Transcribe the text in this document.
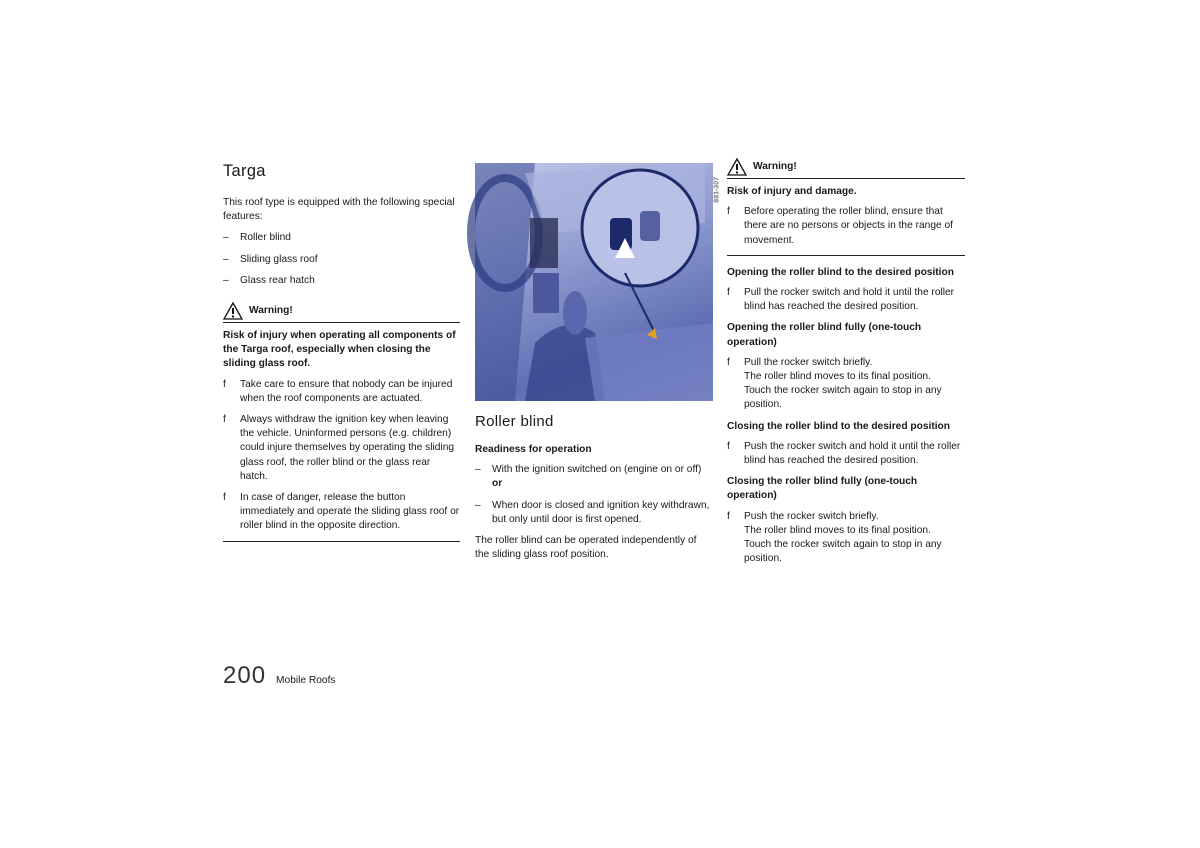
Targa

This roof type is equipped with the following special features:

– Roller blind
– Sliding glass roof
– Glass rear hatch
Warning!
Risk of injury when operating all components of the Targa roof, especially when closing the sliding glass roof.
f Take care to ensure that nobody can be injured when the roof components are actuated.
f Always withdraw the ignition key when leaving the vehicle. Uninformed persons (e.g. children) could injure themselves by operating the sliding glass roof, the roller blind or the glass rear hatch.
f In case of danger, release the button immediately and operate the sliding glass roof or roller blind in the opposite direction.
881-307
Roller blind
Readiness for operation
– With the ignition switched on (engine on or off)
or
– When door is closed and ignition key withdrawn, but only until door is first opened.

The roller blind can be operated independently of the sliding glass roof position.

Warning!
Risk of injury and damage.
f Before operating the roller blind, ensure that there are no persons or objects in the range of movement.
Opening the roller blind to the desired position
f Pull the rocker switch and hold it until the roller blind has reached the desired position.
Opening the roller blind fully (one-touch operation)
f Pull the rocker switch briefly.
The roller blind moves to its final position.
Touch the rocker switch again to stop in any position.
Closing the roller blind to the desired position
f Push the rocker switch and hold it until the roller blind has reached the desired position.
Closing the roller blind fully (one-touch operation)
f Push the rocker switch briefly.
The roller blind moves to its final position.
Touch the rocker switch again to stop in any position.
200 Mobile Roofs
